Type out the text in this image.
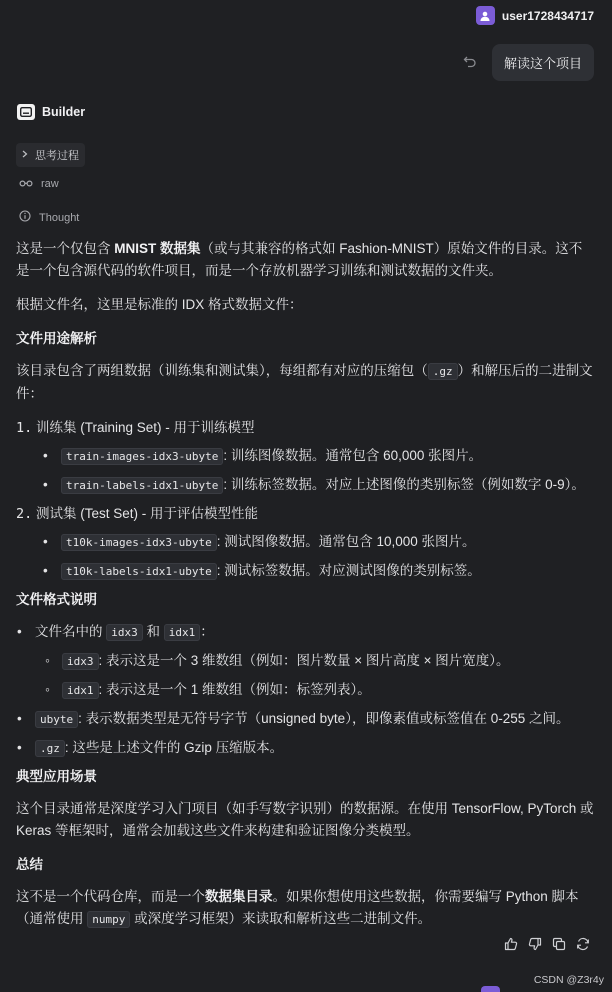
user1728434717
解读这个项目
Builder
思考过程
raw
Thought

这是一个仅包含 MNIST 数据集（或与其兼容的格式如 Fashion-MNIST）原始文件的目录。这不是一个包含源代码的软件项目，而是一个存放机器学习训练和测试数据的文件夹。

根据文件名，这里是标准的 IDX 格式数据文件：

文件用途解析

该目录包含了两组数据（训练集和测试集），每组都有对应的压缩包（ .gz ）和解压后的二进制文件：

1. 训练集 (Training Set) - 用于训练模型
• train-images-idx3-ubyte : 训练图像数据。通常包含 60,000 张图片。
• train-labels-idx1-ubyte : 训练标签数据。对应上述图像的类别标签（例如数字 0-9）。
2. 测试集 (Test Set) - 用于评估模型性能
• t10k-images-idx3-ubyte : 测试图像数据。通常包含 10,000 张图片。
• t10k-labels-idx1-ubyte : 测试标签数据。对应测试图像的类别标签。
文件格式说明
• 文件名中的 idx3 和 idx1 ：
◦ idx3 : 表示这是一个 3 维数组（例如：图片数量 × 图片高度 × 图片宽度）。
◦ idx1 : 表示这是一个 1 维数组（例如：标签列表）。
• ubyte : 表示数据类型是无符号字节（unsigned byte），即像素值或标签值在 0-255 之间。
• .gz : 这些是上述文件的 Gzip 压缩版本。
典型应用场景

这个目录通常是深度学习入门项目（如手写数字识别）的数据源。在使用 TensorFlow, PyTorch 或 Keras 等框架时，通常会加载这些文件来构建和验证图像分类模型。

总结

这不是一个代码仓库，而是一个数据集目录。如果你想使用这些数据，你需要编写 Python 脚本（通常使用 numpy 或深度学习框架）来读取和解析这些二进制文件。

CSDN @Z3r4y
